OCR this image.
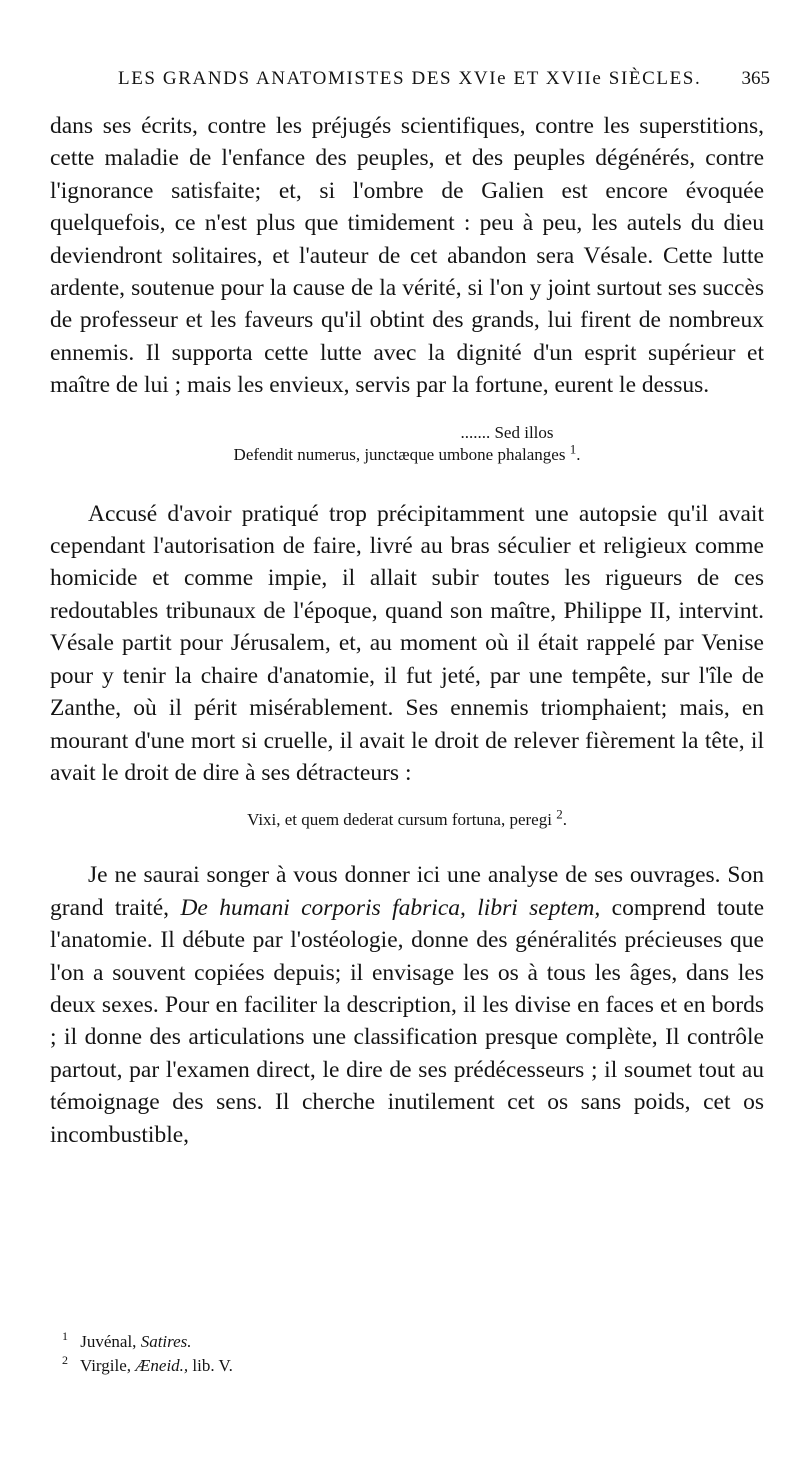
LES GRANDS ANATOMISTES DES XVIe ET XVIIe SIÈCLES. 365

dans ses écrits, contre les préjugés scientifiques, contre les superstitions, cette maladie de l'enfance des peuples, et des peuples dégénérés, contre l'ignorance satisfaite; et, si l'ombre de Galien est encore évoquée quelquefois, ce n'est plus que timidement : peu à peu, les autels du dieu deviendront solitaires, et l'auteur de cet abandon sera Vésale. Cette lutte ardente, soutenue pour la cause de la vérité, si l'on y joint surtout ses succès de professeur et les faveurs qu'il obtint des grands, lui firent de nombreux ennemis. Il supporta cette lutte avec la dignité d'un esprit supérieur et maître de lui ; mais les envieux, servis par la fortune, eurent le dessus.

....... Sed illos
Defendit numerus, junctæque umbone phalanges $^1$.

Accusé d'avoir pratiqué trop précipitamment une autopsie qu'il avait cependant l'autorisation de faire, livré au bras séculier et religieux comme homicide et comme impie, il allait subir toutes les rigueurs de ces redoutables tribunaux de l'époque, quand son maître, Philippe II, intervint. Vésale partit pour Jérusalem, et, au moment où il était rappelé par Venise pour y tenir la chaire d'anatomie, il fut jeté, par une tempête, sur l'île de Zanthe, où il périt misérablement. Ses ennemis triomphaient; mais, en mourant d'une mort si cruelle, il avait le droit de relever fièrement la tête, il avait le droit de dire à ses détracteurs :

Vixi, et quem dederat cursum fortuna, peregi $^2$.

Je ne saurai songer à vous donner ici une analyse de ses ouvrages. Son grand traité, De humani corporis fabrica, libri septem, comprend toute l'anatomie. Il débute par l'ostéologie, donne des généralités précieuses que l'on a souvent copiées depuis; il envisage les os à tous les âges, dans les deux sexes. Pour en faciliter la description, il les divise en faces et en bords ; il donne des articulations une classification presque complète, Il contrôle partout, par l'examen direct, le dire de ses prédécesseurs ; il soumet tout au témoignage des sens. Il cherche inutilement cet os sans poids, cet os incombustible,

$^1$ Juvénal, Satires.
$^2$ Virgile, Æneid., lib. V.
